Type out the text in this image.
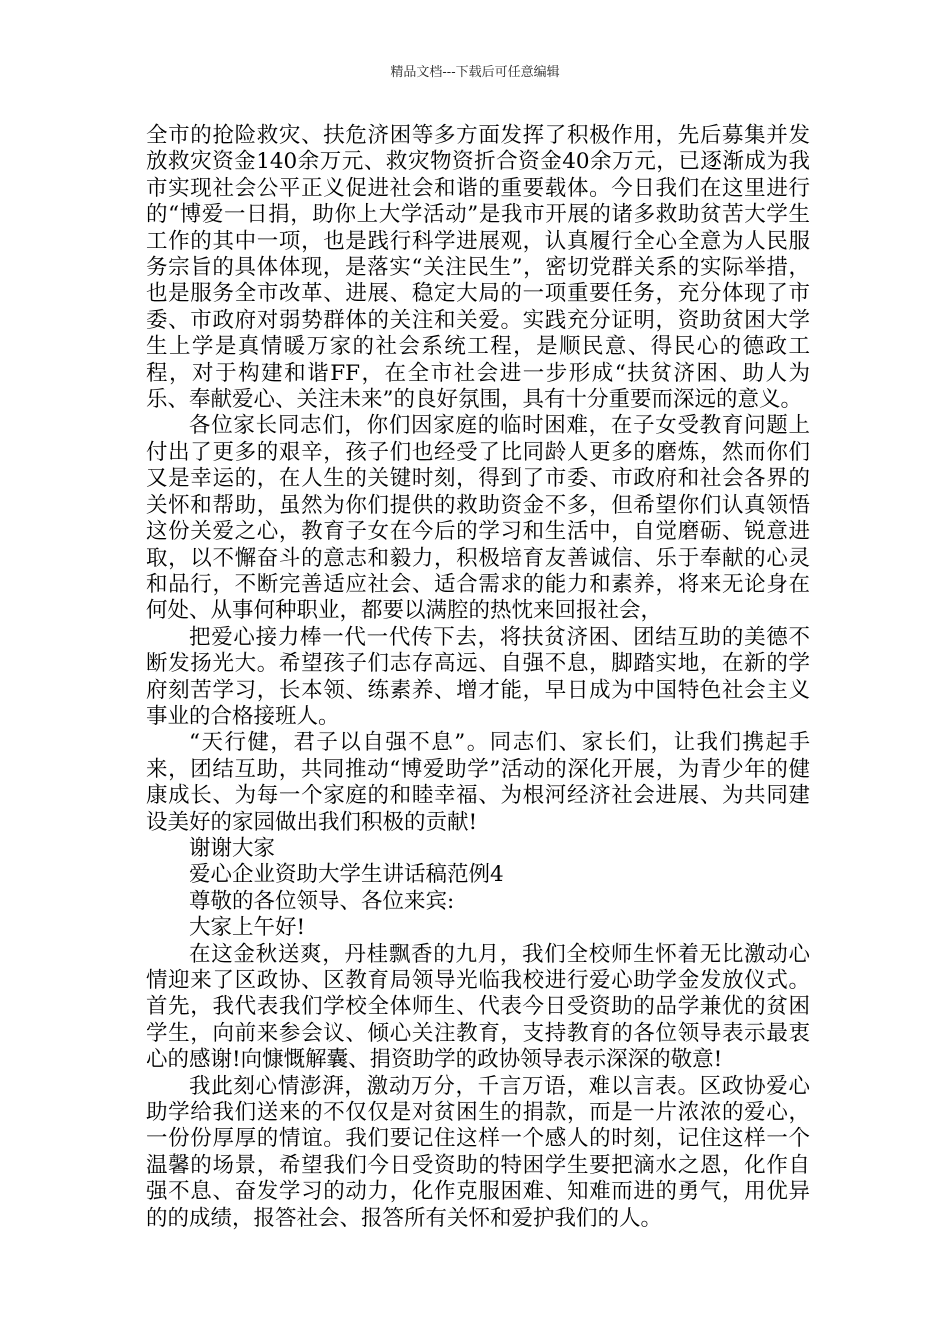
精品文档---下载后可任意编辑

全市的抢险救灾、扶危济困等多方面发挥了积极作用，先后募集并发放救灾资金140余万元、救灾物资折合资金40余万元，已逐渐成为我市实现社会公平正义促进社会和谐的重要载体。今日我们在这里进行的“博爱一日捐，助你上大学活动”是我市开展的诸多救助贫苦大学生工作的其中一项，也是践行科学进展观，认真履行全心全意为人民服务宗旨的具体体现，是落实“关注民生”，密切党群关系的实际举措，也是服务全市改革、进展、稳定大局的一项重要任务，充分体现了市委、市政府对弱势群体的关注和关爱。实践充分证明，资助贫困大学生上学是真情暖万家的社会系统工程，是顺民意、得民心的德政工程，对于构建和谐FF，在全市社会进一步形成“扶贫济困、助人为乐、奉献爱心、关注未来”的良好氛围，具有十分重要而深远的意义。

各位家长同志们，你们因家庭的临时困难，在子女受教育问题上付出了更多的艰辛，孩子们也经受了比同龄人更多的磨炼，然而你们又是幸运的，在人生的关键时刻，得到了市委、市政府和社会各界的关怀和帮助，虽然为你们提供的救助资金不多，但希望你们认真领悟这份关爱之心，教育子女在今后的学习和生活中，自觉磨砺、锐意进取，以不懈奋斗的意志和毅力，积极培育友善诚信、乐于奉献的心灵和品行，不断完善适应社会、适合需求的能力和素养，将来无论身在何处、从事何种职业，都要以满腔的热忱来回报社会，

把爱心接力棒一代一代传下去，将扶贫济困、团结互助的美德不断发扬光大。希望孩子们志存高远、自强不息，脚踏实地，在新的学府刻苦学习，长本领、练素养、增才能，早日成为中国特色社会主义事业的合格接班人。

“天行健，君子以自强不息”。同志们、家长们，让我们携起手来，团结互助，共同推动“博爱助学”活动的深化开展，为青少年的健康成长、为每一个家庭的和睦幸福、为根河经济社会进展、为共同建设美好的家园做出我们积极的贡献!

谢谢大家

爱心企业资助大学生讲话稿范例4

尊敬的各位领导、各位来宾:

大家上午好!

在这金秋送爽，丹桂飘香的九月，我们全校师生怀着无比激动心情迎来了区政协、区教育局领导光临我校进行爱心助学金发放仪式。首先，我代表我们学校全体师生、代表今日受资助的品学兼优的贫困学生，向前来参会议、倾心关注教育，支持教育的各位领导表示最衷心的感谢!向慷慨解囊、捐资助学的政协领导表示深深的敬意!

我此刻心情澎湃，激动万分，千言万语，难以言表。区政协爱心助学给我们送来的不仅仅是对贫困生的捐款，而是一片浓浓的爱心，一份份厚厚的情谊。我们要记住这样一个感人的时刻，记住这样一个温馨的场景，希望我们今日受资助的特困学生要把滴水之恩，化作自强不息、奋发学习的动力，化作克服困难、知难而进的勇气，用优异的的成绩，报答社会、报答所有关怀和爱护我们的人。
